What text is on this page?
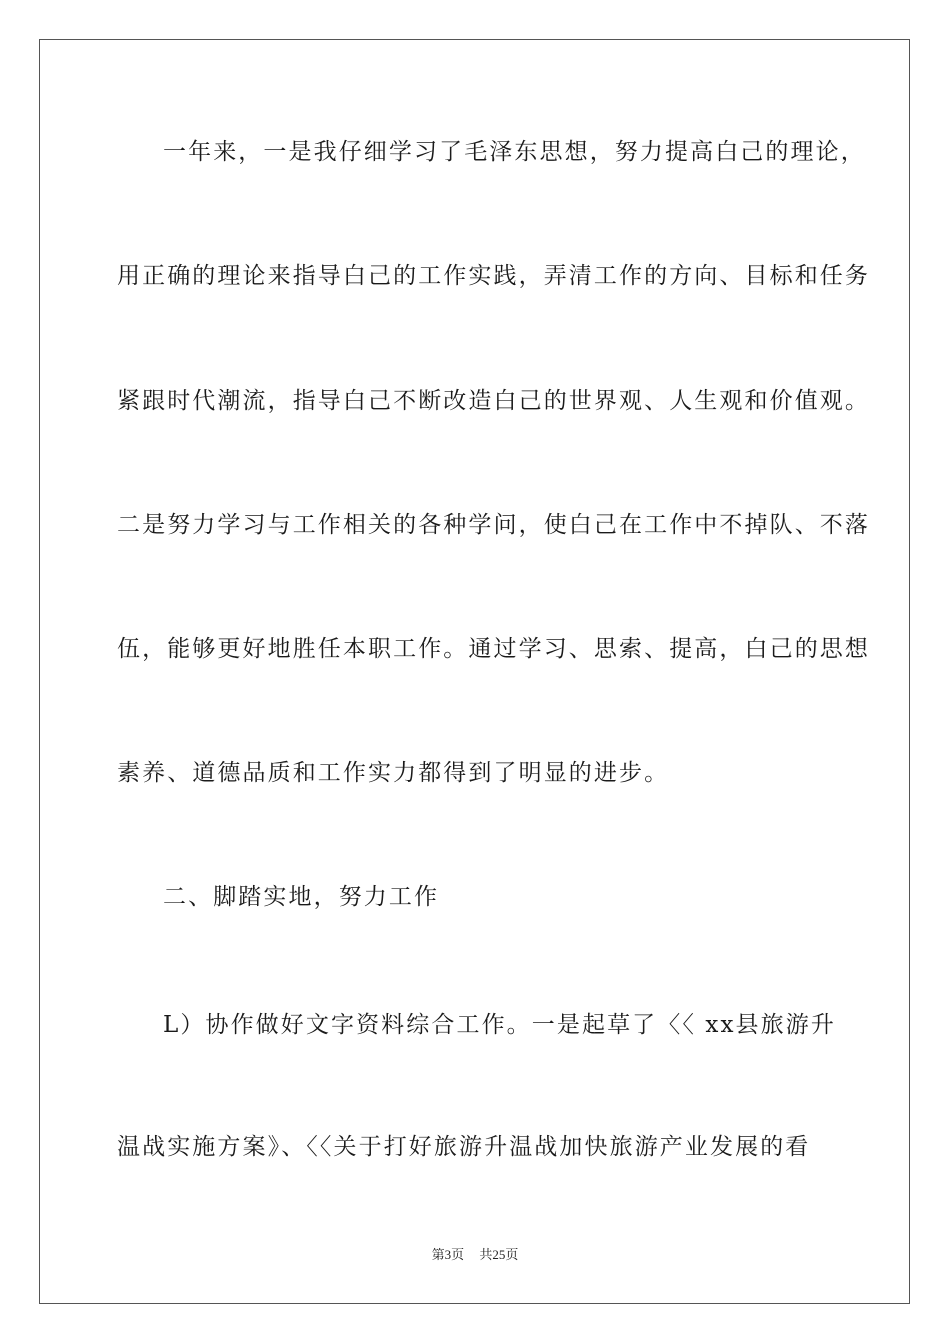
一年来，一是我仔细学习了毛泽东思想，努力提高白己的理论，
用正确的理论来指导白己的工作实践，弄清工作的方向、目标和任务
紧跟时代潮流，指导白己不断改造白己的世界观、人生观和价值观。
二是努力学习与工作相关的各种学问，使白己在工作中不掉队、不落
伍，能够更好地胜任本职工作。通过学习、思索、提高，白己的思想
素养、道德品质和工作实力都得到了明显的进步。
二、脚踏实地，努力工作
L）协作做好文字资料综合工作。一是起草了〈〈 xx县旅游升
温战实施方案》、〈〈关于打好旅游升温战加快旅游产业发展的看
第3页 共25页
